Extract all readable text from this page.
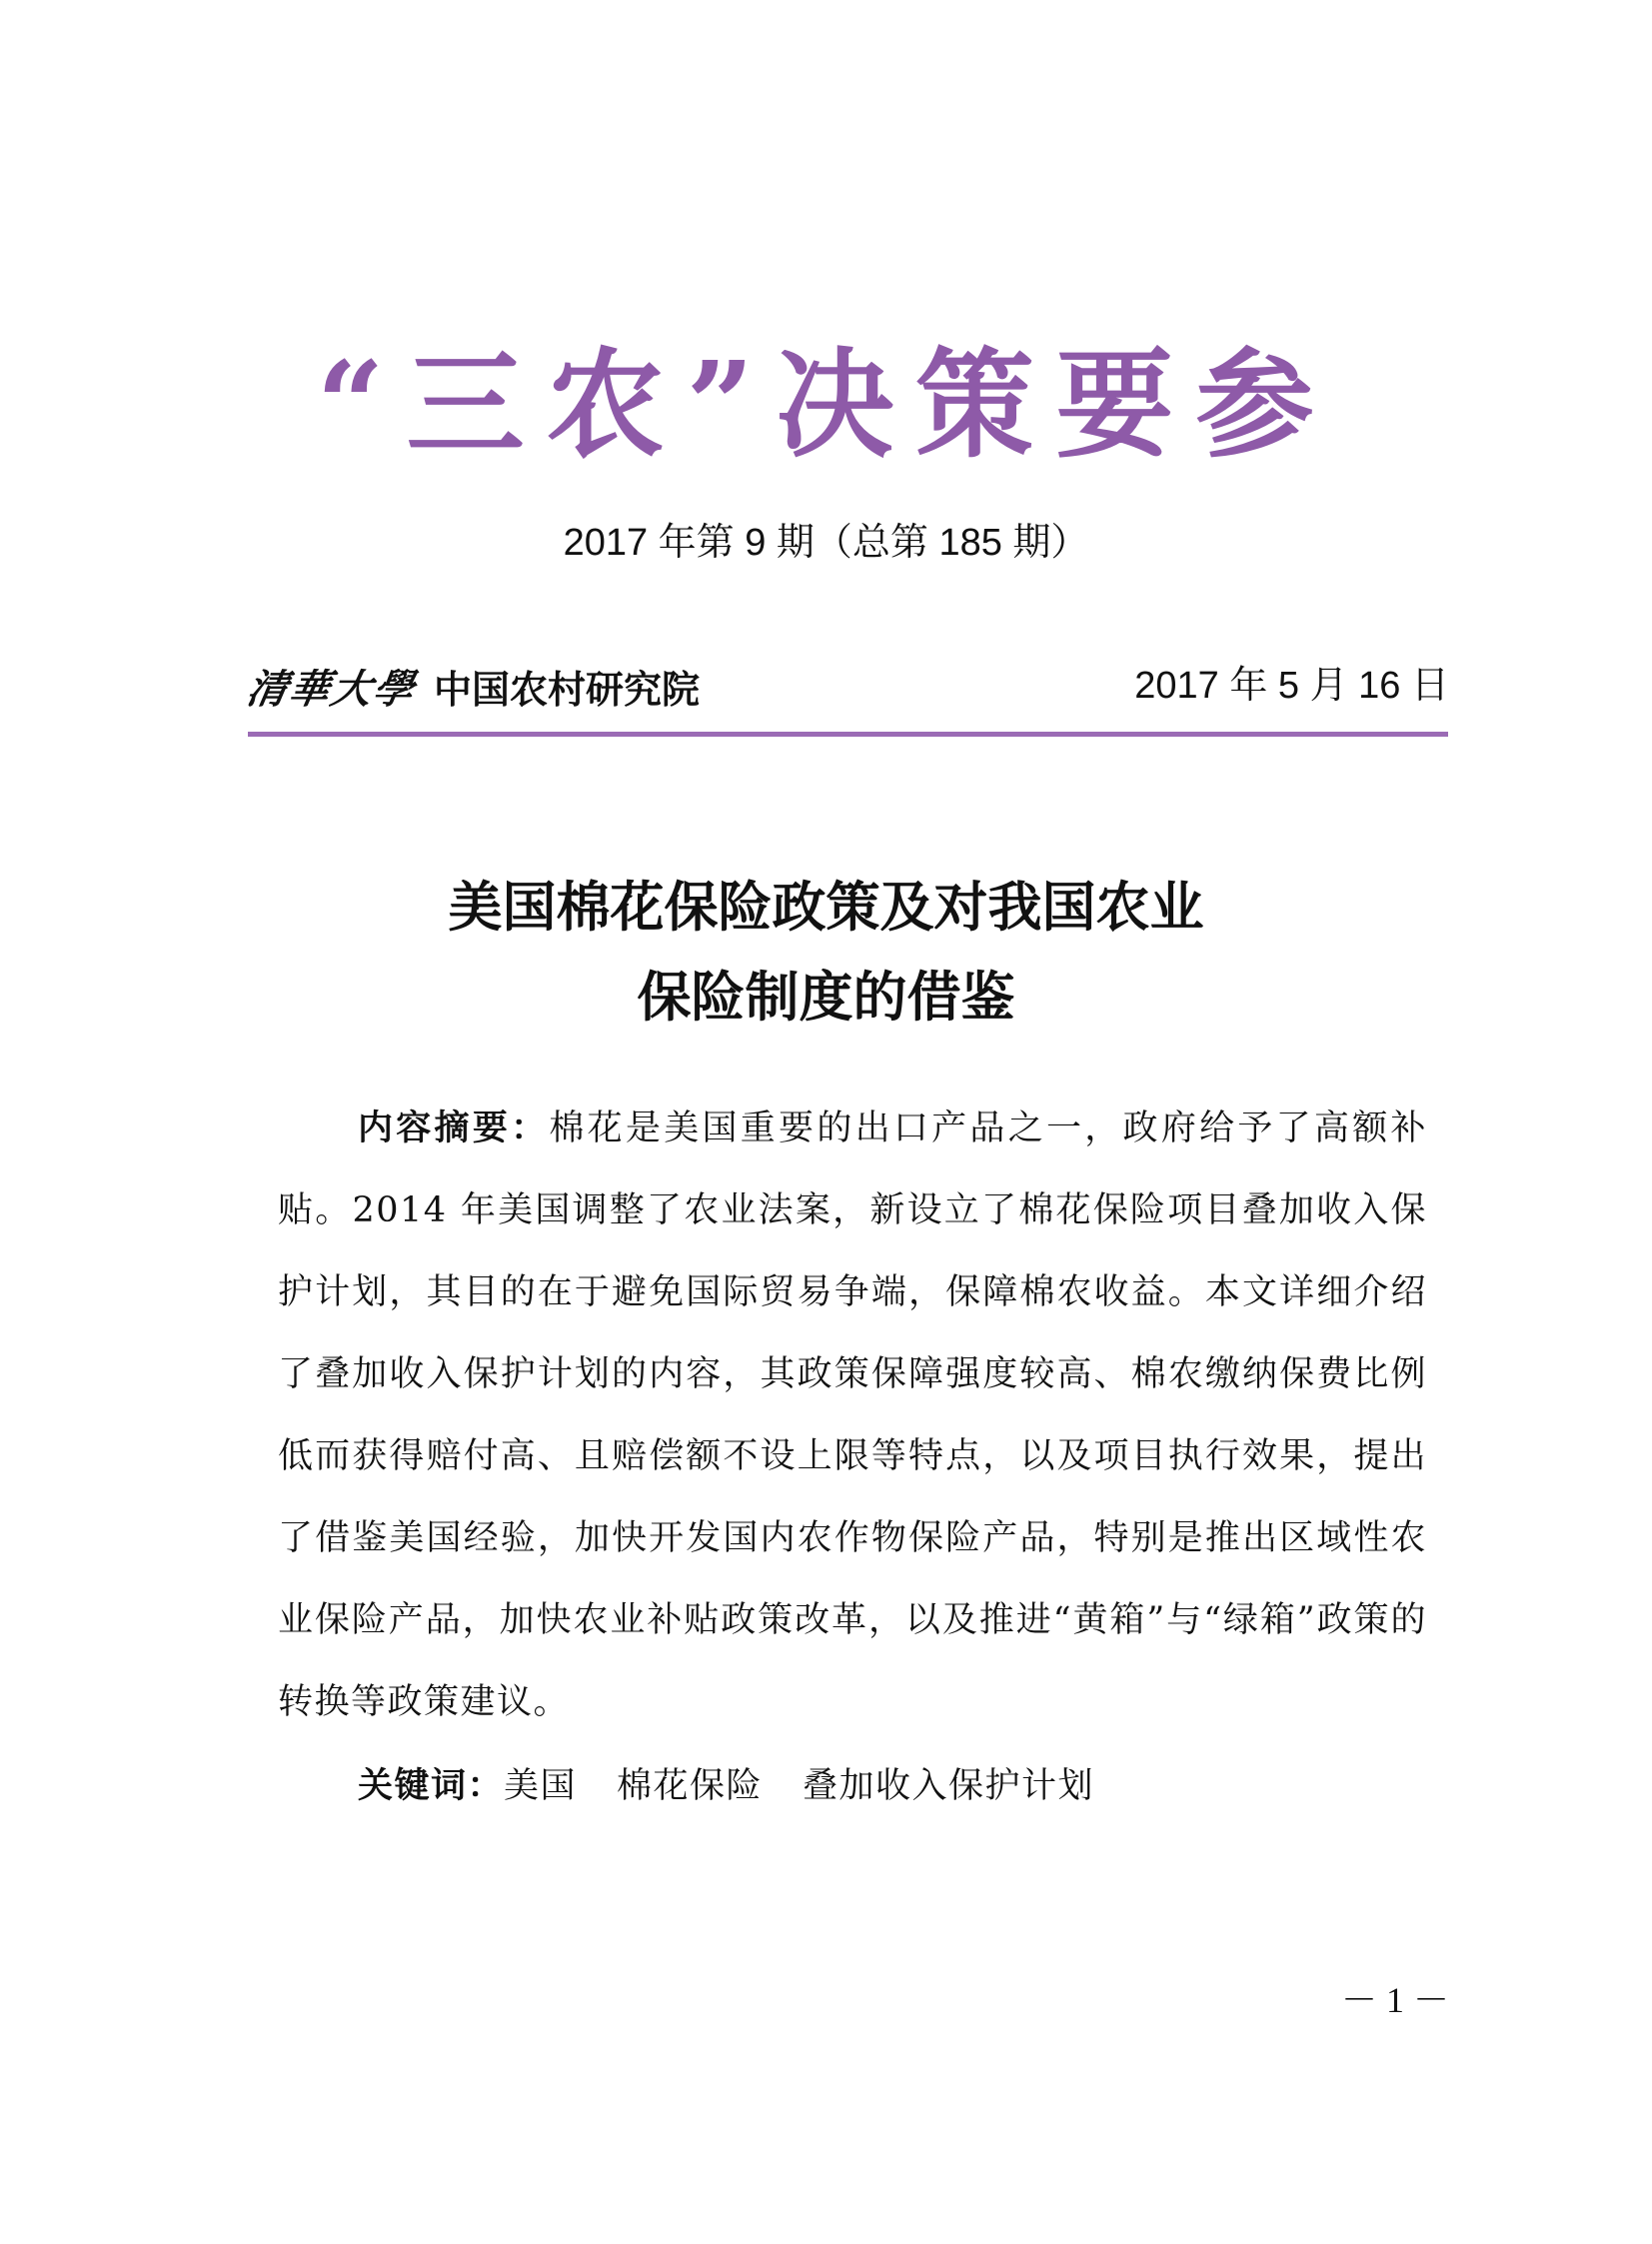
“三农”决策要参
2017 年第 9 期（总第 185 期）
清華大學 中国农村研究院	2017 年 5 月 16 日
美国棉花保险政策及对我国农业
保险制度的借鉴
内容摘要：棉花是美国重要的出口产品之一，政府给予了高额补贴。2014 年美国调整了农业法案，新设立了棉花保险项目叠加收入保护计划，其目的在于避免国际贸易争端，保障棉农收益。本文详细介绍了叠加收入保护计划的内容，其政策保障强度较高、棉农缴纳保费比例低而获得赔付高、且赔偿额不设上限等特点，以及项目执行效果，提出了借鉴美国经验，加快开发国内农作物保险产品，特别是推出区域性农业保险产品，加快农业补贴政策改革，以及推进“黄箱”与“绿箱”政策的转换等政策建议。
关键词：美国 棉花保险 叠加收入保护计划
－ 1 －
